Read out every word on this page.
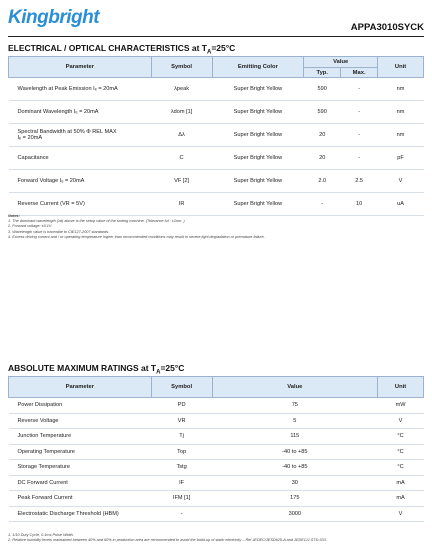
Kingbright	APPA3010SYCK
ELECTRICAL / OPTICAL CHARACTERISTICS at $T_A=25^\circ C$
Parameter	Symbol	Emitting Color	Value		Unit
			Typ.	Max.	
Wavelength at Peak Emission Iₑ = 20mA	λpeak	Super Bright Yellow	590	-	nm
Dominant Wavelength Iₑ = 20mA	λdom [1]	Super Bright Yellow	590	-	nm

Spectral Bandwidth at 50% Φ REL MAX
Iₑ = 20mA	Δλ	Super Bright Yellow	20	-	nm
Capacitance	C	Super Bright Yellow	20	-	pF
Forward Voltage Iₑ = 20mA	VF [2]	Super Bright Yellow	2.0	2.5	V
Reverse Current (VR = 5V)	IR	Super Bright Yellow	-	10	uA
Notes:
1. The dominant wavelength (λd) above is the setup value of the sorting machine. (Tolerance λd : ±1nm. )
2. Forward voltage: ±0.1V.
3. Wavelength value is traceable to CIE127-2007 standards.
4. Excess driving current and / or operating temperature higher than recommended conditions may result in severe light degradation or premature failure.
ABSOLUTE MAXIMUM RATINGS at $T_A=25^\circ C$
Parameter	Symbol	Value	Unit
Power Dissipation	PD	75	mW
Reverse Voltage	VR	5	V
Junction Temperature	Tj	115	°C
Operating Temperature	Top	-40 to +85	°C
Storage Temperature	Tstg	-40 to +85	°C
DC Forward Current	IF	30	mA
Peak Forward Current	IFM [1]	175	mA
Electrostatic Discharge Threshold (HBM)	-	3000	V
1. 1/10 Duty Cycle, 0.1ms Pulse Width.
2. Relative humidity levels maintained between 40% and 60% in production area are recommended to avoid the build-up of static electricity – Ref JEDEC/JESD625-A and JEDEC/J-STD-033.
